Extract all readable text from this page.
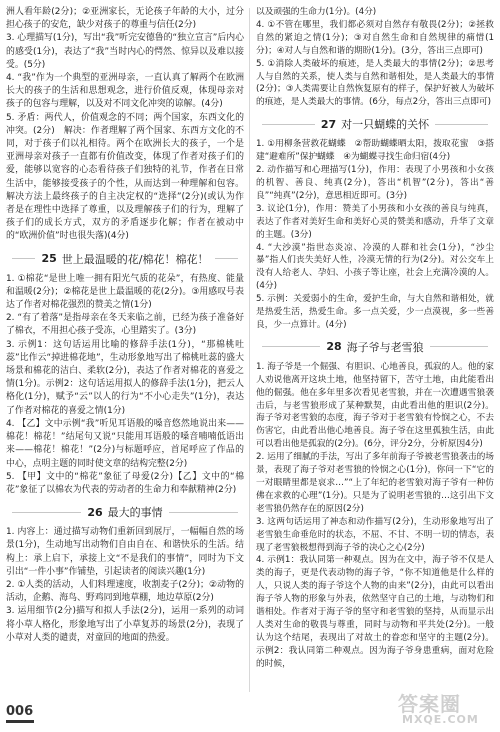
洲人看年龄(2分)；②亚洲家长，无论孩子年龄的大小，过分担心孩子的安危，缺少对孩子的尊重与信任(2分)

3. 心理描写(1分)，写出“我”听完安德鲁的“独立宣言”后内心的感受(1分)，表达了“我”当时内心的愕然、惊异以及难以接受。(5分)

4. “我”作为一个典型的亚洲母亲，一直认真了解两个在欧洲长大的孩子的生活和思想观念，进行价值反观，体现母亲对孩子的包容与理解，以及对不同文化冲突的谅解。(4分)

5. 矛盾：两代人，价值观念的不同；两个国家，东西文化的冲突。(2分)　解决：作者理解了两个国家、东西方文化的不同，对于孩子们以礼相待。两个在欧洲长大的孩子，一个是亚洲母亲对孩子一直都有价值改变，体现了作者对孩子们的爱，能够以宽容的心态看待孩子们独特的礼节，作者在日常生活中，能够接受孩子的个性，从而达到一种理解和包容。解决方法上最终孩子的自主决定权的“选择”(2分)(或认为作者是在理性中选择了尊重，以及理解孩子们的行为，理解了孩子们的成长方式，双方的矛盾逐步化解；作者在被动中的“欧洲价值”时也很失落)(4分)

25 世上最温暖的花/棉花！棉花！

1. ①棉花“是世上唯一拥有阳光气质的花朵”，有热度、能量和温暖(2分)；②棉花是世上最温暖的花(2分)。③用感叹号表达了作者对棉花强烈的赞美之情(1分)

2. “有了着落”是指母亲在冬天来临之前，已经为孩子准备好了棉衣，不用担心孩子受冻，心里踏实了。(3分)

3. 示例1：这句话运用比喻的修辞手法(1分)，“那棉桃吐蕊”比作云“掉进棉花地”，生动形象地写出了棉桃吐蕊的盛大场景和棉花的洁白、柔软(2分)，表达了作者对棉花的喜爱之情(1分)。示例2：这句话运用拟人的修辞手法(1分)，把云人格化(1分)，赋予“云”以人的行为“不小心走失”(1分)，表达了作者对棉花的喜爱之情(1分)

4. 【乙】文中示例“我”听见耳语般的嗓音悠然地说出来——棉花！棉花！”结尾句又说“只能用耳语般的嗓音喃喃低语出来——棉花！棉花！”(2分)与标题呼应，首尾呼应了作品的中心，点明主题的同时使文章的结构完整(2分)

5. 【甲】文中的“棉花”象征了母爱(2分)【乙】文中的“棉花”象征了以棉农为代表的劳动者的生命力和奉献精神(2分)

26 最大的事情

1. 内容上：通过描写动物们重新回到展厅，一幅幅自然的场景(1分)，生动地写出动物们自由自在、和谐快乐的生活。结构上：承上启下，承接上文“不是我们的事情”，同时为下文引出“一件小事”作铺垫，引起读者的阅读兴趣(1分)

2. ①人类的活动，人们料理速度，收割麦子(2分)；②动物的活动，企鹅、海鸟、野鸡同到地草棚，地边草原(2分)

3. 运用细节(2分)描写和拟人手法(2分)，运用一系列的动词将小草人格化，形象地写出了小草复苏的场景(2分)，表现了小草对人类的谴责，对童回的地面的热爱。

以及顽强的生命力(1分)。(4分)

4. ①不管在哪里，我们都必须对自然存有敬畏(2分)；②拯救自然的紧迫之情(1分)；③对自然生命和自然规律的痛惜(1分)；④对人与自然和谐的期盼(1分)。(3分，答出三点即可)

5. ①消除人类破坏的痕迹，是人类最大的事情(2分)；②思考人与自然的关系，使人类与自然和谐相处，是人类最大的事情(2分)；③人类需要让自然恢复原有的样子，保护好被人为破坏的痕迹，是人类最大的事情。(6分，每点2分，答出三点即可)

27 对一只蝴蝶的关怀

1. ①用柳条营救花蝴蝶　②帮助蝴蝶晒太阳，拨取花蜜　③搭建“避难所”保护蝴蝶　④为蝴蝶寻找生命归宿(4分)

2. 动作描写和心理描写(1分)，作用：表现了小男孩和小女孩的机智、善良、纯真(2分)，答出“机智”(2分)，答出“善良”“纯真”(2分)，意思相近即可。(3分)

3. 议论(1分)，作用：赞美了小男孩和小女孩的善良与纯真，表达了作者对美好生命和美好心灵的赞美和感动，升华了文章的主题。(3分)

4. “大沙漠”指世态炎凉、冷漠的人群和社会(1分)，“沙尘暴”指人们丧失美好人性，冷漠无情的行为(2分)。对公交车上没有人给老人、孕妇、小孩子等让座，社会上充满冷漠的人。(4分)

5. 示例：关爱弱小的生命，爱护生命，与大自然和谐相处，就是热爱生活，热爱生命。多一点关爱，少一点漠视，多一些善良，少一点算计。(4分)

28 海子爷与老雪狼

1. 海子爷是一个倔强、有胆识、心地善良，孤寂的人。他的家人劝说他离开这块土地，他坚持留下，苦守土地，由此能看出他的倔强。他在多年里多次看见老雪狼，并在一次遭遇雪狼袭击后，与老雪狼形成了某种默契，由此看出他的胆识(2分)。海子爷对老雪狼的态度，海子爷对于老雪狼有怜悯之心，不去伤害它，由此看出他心地善良。海子爷在这里孤独生活，由此可以看出他是孤寂的(2分)。(6分，评分2分，分析原因4分)

2. 运用了细腻的手法，写出了多年前海子爷被老雪狼袭击的场景，表现了海子爷对老雪狼的怜悯之心(1分)，你问一下“它的一对眼睛里都是哀求…”“上了年纪的老雪狼对海子爷有一种仿佛在求救的心理”(1分)。只是为了说明老雪狼的…这引出下文老雪狼仍然存在的原因(2分)

3. 这两句话运用了神态和动作描写(2分)，生动形象地写出了老雪狼生命垂危时的状态，不屈、不甘、不明一切的情态，表现了老雪狼极想得到海子爷的决心之心(2分)

4. 示例1：我认同第一种观点。因为在文中，海子爷不仅是人类的海子，更是代表动物的海子爷，“你不知道他是什么样的人，只说人类的海子爷这个人物的由来”(2分)，由此可以看出海子爷人物的形象与外表，依然坚守自己的土地，与动物们和谐相处。作者对于海子爷的坚守和老雪狼的坚持，从而显示出人类对生命的敬畏与尊重，同时与动物和平共处(2分)。一般认为这个结尾，表现出了对故土的眷恋和坚守的主题(2分)。示例2：我认同第二种观点。因为海子爷身患重病，面对危险的时候，

006	答案圈
MXQE.COM
